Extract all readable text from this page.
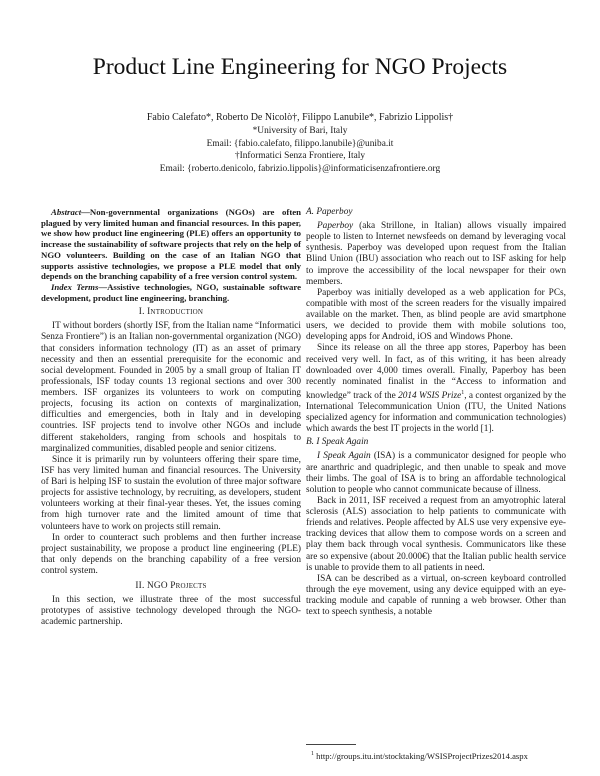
Product Line Engineering for NGO Projects
Fabio Calefato*, Roberto De Nicolò†, Filippo Lanubile*, Fabrizio Lippolis†
*University of Bari, Italy
Email: {fabio.calefato, filippo.lanubile}@uniba.it
†Informatici Senza Frontiere, Italy
Email: {roberto.denicolo, fabrizio.lippolis}@informaticisenzafrontiere.org

Abstract—Non-governmental organizations (NGOs) are often plagued by very limited human and financial resources. In this paper, we show how product line engineering (PLE) offers an opportunity to increase the sustainability of software projects that rely on the help of NGO volunteers. Building on the case of an Italian NGO that supports assistive technologies, we propose a PLE model that only depends on the branching capability of a free version control system.

Index Terms—Assistive technologies, NGO, sustainable software development, product line engineering, branching.

I. Introduction

IT without borders (shortly ISF, from the Italian name “Informatici Senza Frontiere”) is an Italian non-governmental organization (NGO) that considers information technology (IT) as an asset of primary necessity and then an essential prerequisite for the economic and social development. Founded in 2005 by a small group of Italian IT professionals, ISF today counts 13 regional sections and over 300 members. ISF organizes its volunteers to work on computing projects, focusing its action on contexts of marginalization, difficulties and emergencies, both in Italy and in developing countries. ISF projects tend to involve other NGOs and include different stakeholders, ranging from schools and hospitals to marginalized communities, disabled people and senior citizens.

Since it is primarily run by volunteers offering their spare time, ISF has very limited human and financial resources. The University of Bari is helping ISF to sustain the evolution of three major software projects for assistive technology, by recruiting, as developers, student volunteers working at their final-year theses. Yet, the issues coming from high turnover rate and the limited amount of time that volunteers have to work on projects still remain.

In order to counteract such problems and then further increase project sustainability, we propose a product line engineering (PLE) that only depends on the branching capability of a free version control system.

II. NGO Projects

In this section, we illustrate three of the most successful prototypes of assistive technology developed through the NGO-academic partnership.

A. Paperboy

Paperboy (aka Strillone, in Italian) allows visually impaired people to listen to Internet newsfeeds on demand by leveraging vocal synthesis. Paperboy was developed upon request from the Italian Blind Union (IBU) association who reach out to ISF asking for help to improve the accessibility of the local newspaper for their own members.

Paperboy was initially developed as a web application for PCs, compatible with most of the screen readers for the visually impaired available on the market. Then, as blind people are avid smartphone users, we decided to provide them with mobile solutions too, developing apps for Android, iOS and Windows Phone.

Since its release on all the three app stores, Paperboy has been received very well. In fact, as of this writing, it has been already downloaded over 4,000 times overall. Finally, Paperboy has been recently nominated finalist in the “Access to information and knowledge” track of the 2014 WSIS Prize$^1$, a contest organized by the International Telecommunication Union (ITU, the United Nations specialized agency for information and communication technologies) which awards the best IT projects in the world [1].

B. I Speak Again

I Speak Again (ISA) is a communicator designed for people who are anarthric and quadriplegic, and then unable to speak and move their limbs. The goal of ISA is to bring an affordable technological solution to people who cannot communicate because of illness.

Back in 2011, ISF received a request from an amyotrophic lateral sclerosis (ALS) association to help patients to communicate with friends and relatives. People affected by ALS use very expensive eye-tracking devices that allow them to compose words on a screen and play them back through vocal synthesis. Communicators like these are so expensive (about 20.000€) that the Italian public health service is unable to provide them to all patients in need.

ISA can be described as a virtual, on-screen keyboard controlled through the eye movement, using any device equipped with an eye-tracking module and capable of running a web browser. Other than text to speech synthesis, a notable

$^1$ http://groups.itu.int/stocktaking/WSISProjectPrizes2014.aspx
